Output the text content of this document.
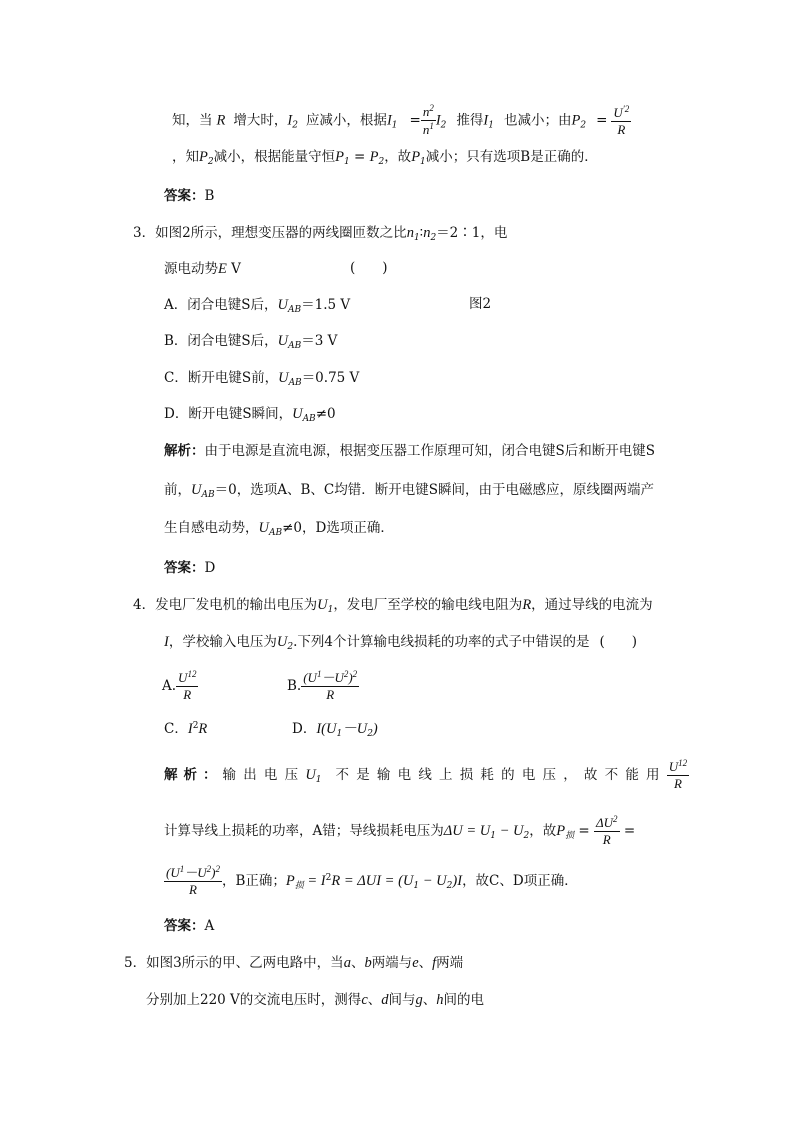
知，当 R 增大时，$I_2$ 应减小，根据$I_1 = \frac{n^2}{n^1} I_2$ 推得$I_1$ 也减小；由$P_2 = \frac{U^{'2}}{R}$
，知$P_2$减小，根据能量守恒$P_1 = P_2$，故$P_1$减小；只有选项B是正确的．
答案：B
3．如图2所示，理想变压器的两线圈匝数之比$n_1∶n_2=2∶1$，电
源电动势E V	(　　)
A．闭合电键S后，$U_{AB}=1.5$ V	图2
B．闭合电键S后，$U_{AB}=3$ V
C．断开电键S前，$U_{AB}=0.75$ V
D．断开电键S瞬间，$U_{AB}\ne 0$
解析：由于电源是直流电源，根据变压器工作原理可知，闭合电键S后和断开电键S
前，$U_{AB}=0$，选项A、B、C均错．断开电键S瞬间，由于电磁感应，原线圈两端产
生自感电动势，$U_{AB}\ne 0$，D选项正确．
答案：D
4．发电厂发电机的输出电压为$U_1$，发电厂至学校的输电线电阻为R，通过导线的电流为
I，学校输入电压为$U_2$.下列4个计算输电线损耗的功率的式子中错误的是 (　　)
A. $\frac{U^{12}}{R}$	B. $\frac{(U^1-U^2)^2}{R}$
C．$I^2R$	D．$I(U_1-U_2)$
解析：输出电压$U_1$ 不是输电线上损耗的电压，故不能用 $\frac{U^{12}}{R}$
计算导线上损耗的功率，A错；导线损耗电压为$\Delta U = U_1 - U_2$，故$P_损 = \frac{\Delta U^2}{R}$ =
$\frac{(U^1-U^2)^2}{R}$ ，B正确；$P_损 = I^2R = \Delta UI = (U_1 - U_2)I$，故C、D项正确．
答案：A
5．如图3所示的甲、乙两电路中，当a、b两端与e、f两端
分别加上220 V的交流电压时，测得c、d间与g、h间的电
